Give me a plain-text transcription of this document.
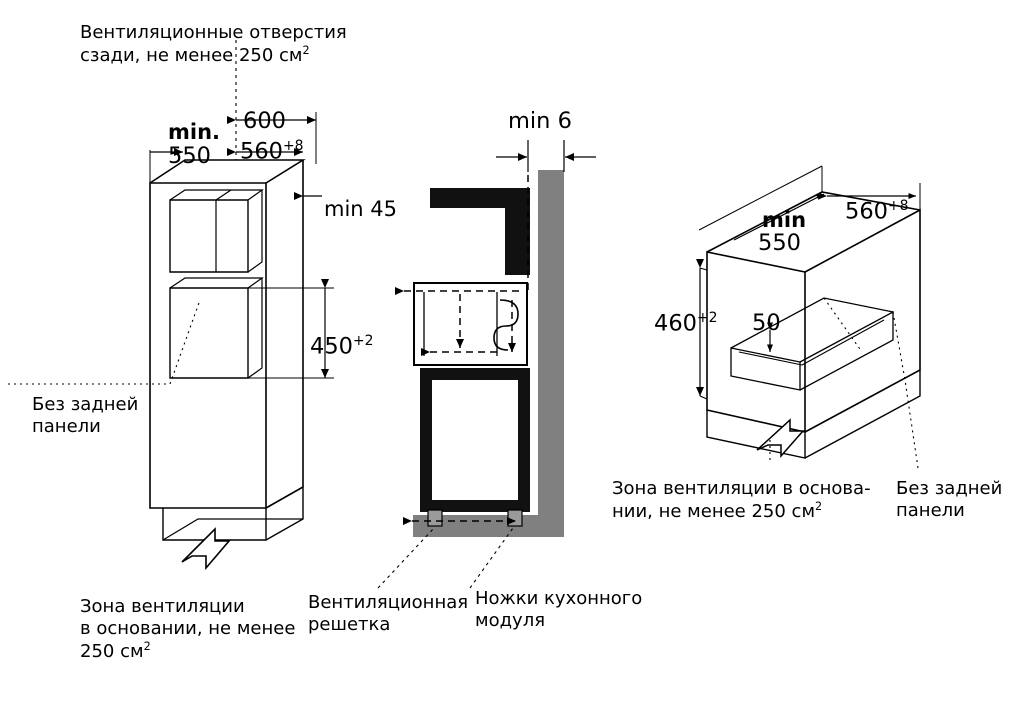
Вентиляционные отверстия
сзади, не менее 250 $см^2$
min.
550
600
$560^{+8}$
min 45
$450^{+2}$
Без задней
панели
Зона вентиляции
в основании, не менее
250 $см^2$
min 6
Вентиляционная
решетка
Ножки кухонного
модуля
min
550
$560^{+8}$
$460^{+2}$ 50
Зона вентиляции в основа-
нии, не менее 250 $см^2$
Без задней
панели
